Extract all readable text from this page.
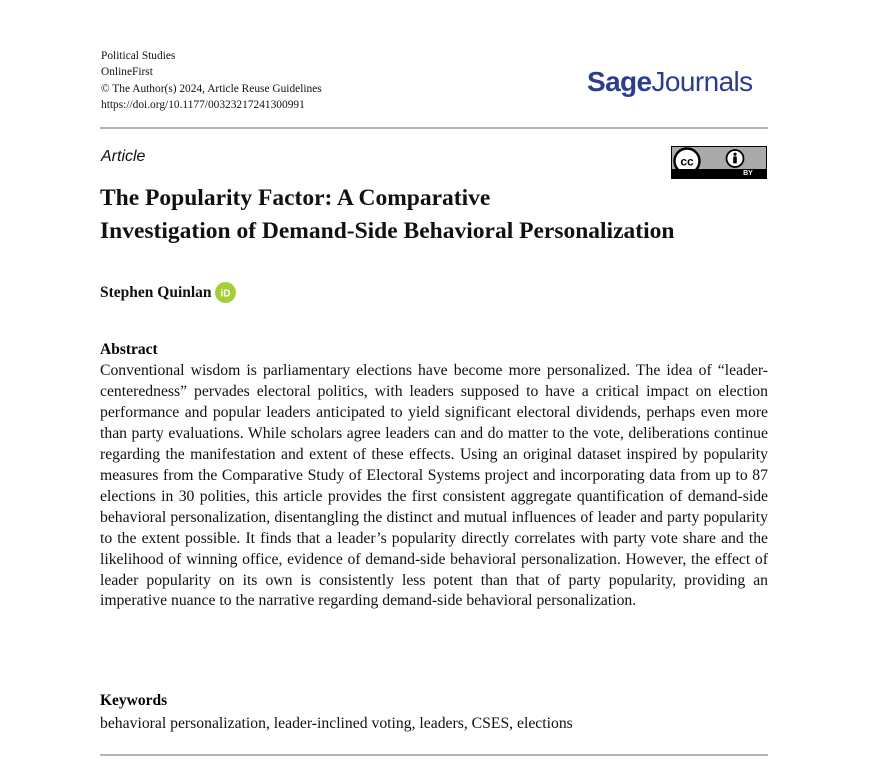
Political Studies
OnlineFirst
© The Author(s) 2024, Article Reuse Guidelines
https://doi.org/10.1177/00323217241300991
SageJournals
Article	cc
BY
The Popularity Factor: A Comparative
Investigation of Demand-Side Behavioral Personalization
Stephen Quinlan iD
Abstract

Conventional wisdom is parliamentary elections have become more personalized. The idea of “leader-centeredness” pervades electoral politics, with leaders supposed to have a critical impact on election performance and popular leaders anticipated to yield significant electoral dividends, perhaps even more than party evaluations. While scholars agree leaders can and do matter to the vote, deliberations continue regarding the manifestation and extent of these effects. Using an original dataset inspired by popularity measures from the Comparative Study of Electoral Systems project and incorporating data from up to 87 elections in 30 polities, this article provides the first consistent aggregate quantification of demand-side behavioral personalization, disentangling the distinct and mutual influences of leader and party popularity to the extent possible. It finds that a leader’s popularity directly correlates with party vote share and the likelihood of winning office, evidence of demand-side behavioral personalization. However, the effect of leader popularity on its own is consistently less potent than that of party popularity, providing an imperative nuance to the narrative regarding demand-side behavioral personalization.

Keywords
behavioral personalization, leader-inclined voting, leaders, CSES, elections
